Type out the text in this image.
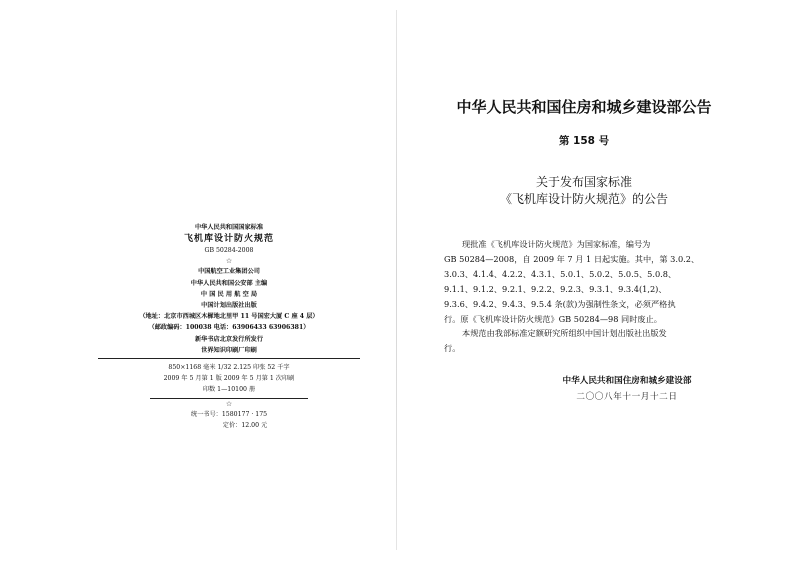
中华人民共和国国家标准
飞机库设计防火规范
GB 50284-2008
☆
中国航空工业集团公司
中华人民共和国公安部 主编
中 国 民 用 航 空 局
中国计划出版社出版
（地址：北京市西城区木樨地北里甲 11 号国宏大厦 C 座 4 层）
（邮政编码：100038 电话：63906433 63906381）
新华书店北京发行所发行
世界知识印刷厂印刷
850×1168 毫米 1/32 2.125 印张 52 千字
2009 年 5 月第 1 版 2009 年 5 月第 1 次印刷
印数 1—10100 册
☆
统一书号：1580177 · 175
定价：12.00 元
中华人民共和国住房和城乡建设部公告
第 158 号
关于发布国家标准
《飞机库设计防火规范》的公告
现批准《飞机库设计防火规范》为国家标准，编号为
GB 50284—2008，自 2009 年 7 月 1 日起实施。其中，第 3.0.2、
3.0.3、4.1.4、4.2.2、4.3.1、5.0.1、5.0.2、5.0.5、5.0.8、
9.1.1、9.1.2、9.2.1、9.2.2、9.2.3、9.3.1、9.3.4(1,2)、
9.3.6、9.4.2、9.4.3、9.5.4 条(款)为强制性条文，必须严格执
行。原《飞机库设计防火规范》GB 50284—98 同时废止。
本规范由我部标准定额研究所组织中国计划出版社出版发
行。
中华人民共和国住房和城乡建设部
二〇〇八年十一月十二日
